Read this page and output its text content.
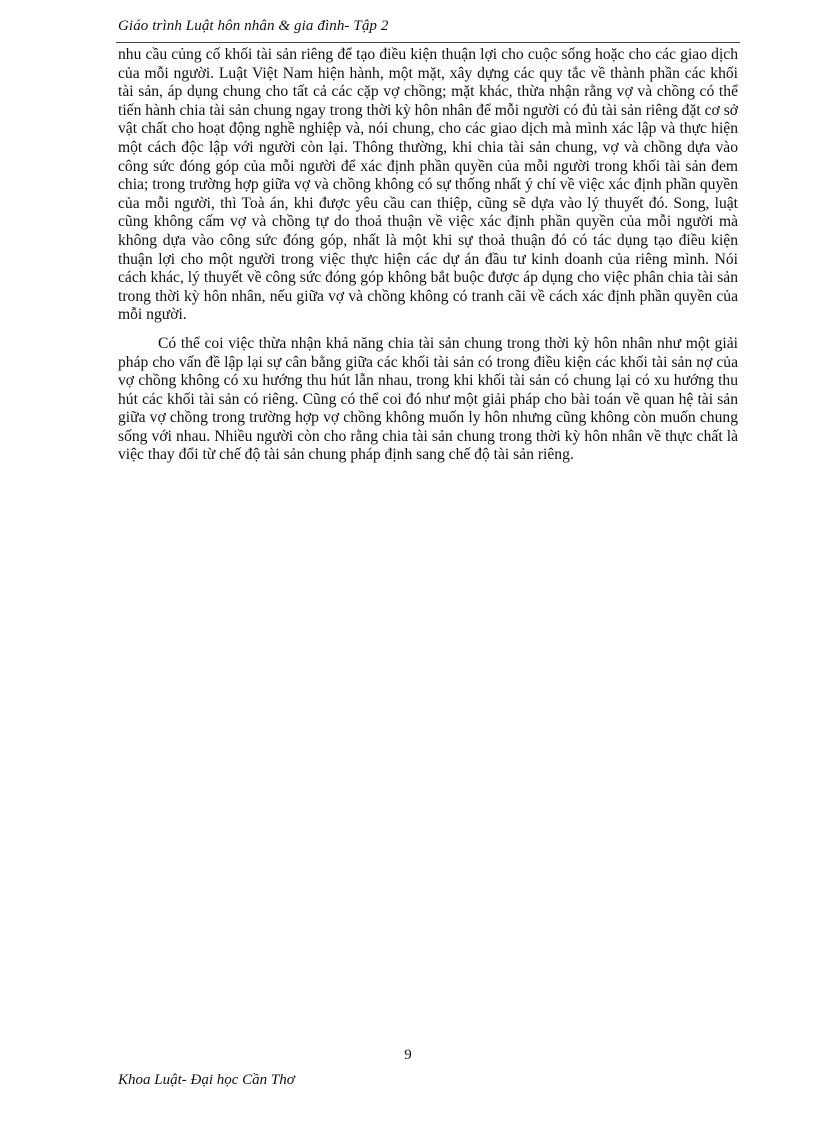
Giáo trình Luật hôn nhân & gia đình- Tập 2

nhu cầu củng cố khối tài sản riêng để tạo điều kiện thuận lợi cho cuộc sống hoặc cho các giao dịch của mỗi người. Luật Việt Nam hiện hành, một mặt, xây dựng các quy tắc về thành phần các khối tài sản, áp dụng chung cho tất cả các cặp vợ chồng; mặt khác, thừa nhận rằng vợ và chồng có thể tiến hành chia tài sản chung ngay trong thời kỳ hôn nhân để mỗi người có đủ tài sản riêng đặt cơ sở vật chất cho hoạt động nghề nghiệp và, nói chung, cho các giao dịch mà mình xác lập và thực hiện một cách độc lập với người còn lại. Thông thường, khi chia tài sản chung, vợ và chồng dựa vào công sức đóng góp của mỗi người để xác định phần quyền của mỗi người trong khối tài sản đem chia; trong trường hợp giữa vợ và chồng không có sự thống nhất ý chí về việc xác định phần quyền của mỗi người, thì Toà án, khi được yêu cầu can thiệp, cũng sẽ dựa vào lý thuyết đó. Song, luật cũng không cấm vợ và chồng tự do thoả thuận về việc xác định phần quyền của mỗi người mà không dựa vào công sức đóng góp, nhất là một khi sự thoả thuận đó có tác dụng tạo điều kiện thuận lợi cho một người trong việc thực hiện các dự án đầu tư kinh doanh của riêng mình. Nói cách khác, lý thuyết về công sức đóng góp không bắt buộc được áp dụng cho việc phân chia tài sản trong thời kỳ hôn nhân, nếu giữa vợ và chồng không có tranh cãi về cách xác định phần quyền của mỗi người.

Có thể coi việc thừa nhận khả năng chia tài sản chung trong thời kỳ hôn nhân như một giải pháp cho vấn đề lập lại sự cân bằng giữa các khối tài sản có trong điều kiện các khối tài sản nợ của vợ chồng không có xu hướng thu hút lẫn nhau, trong khi khối tài sản có chung lại có xu hướng thu hút các khối tài sản có riêng. Cũng có thể coi đó như một giải pháp cho bài toán về quan hệ tài sản giữa vợ chồng trong trường hợp vợ chồng không muốn ly hôn nhưng cũng không còn muốn chung sống với nhau. Nhiều người còn cho rằng chia tài sản chung trong thời kỳ hôn nhân về thực chất là việc thay đổi từ chế độ tài sản chung pháp định sang chế độ tài sản riêng.

9
Khoa Luật- Đại học Cần Thơ
